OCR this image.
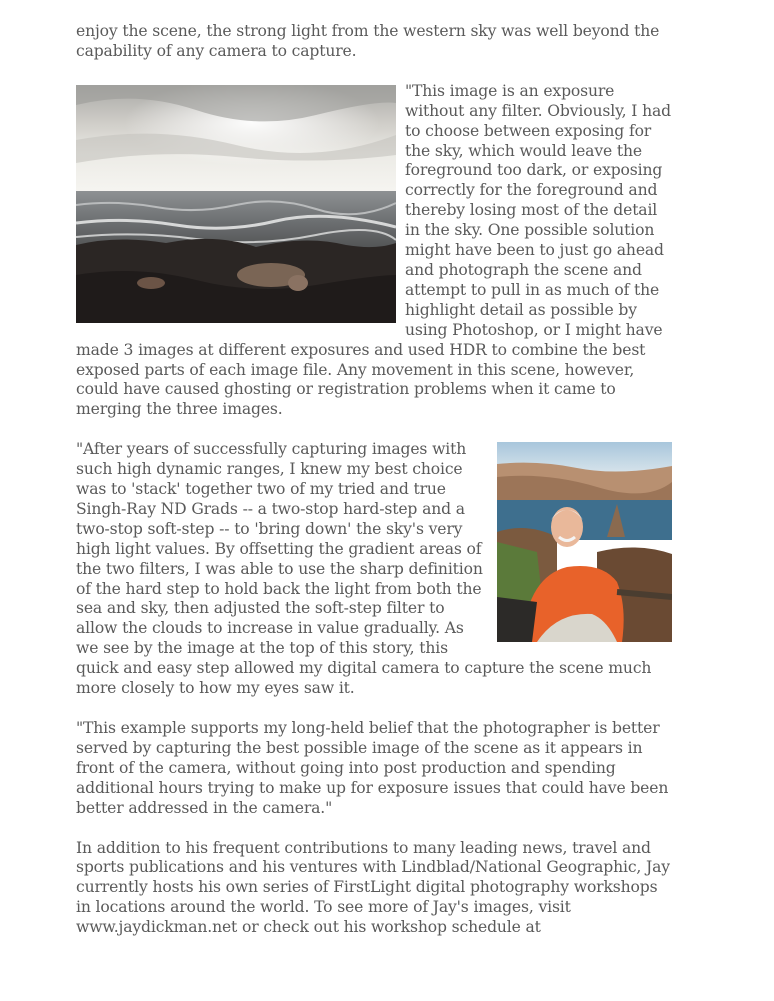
enjoy the scene, the strong light from the western sky was well beyond the capability of any camera to capture.

"This image is an exposure without any filter. Obviously, I had to choose between exposing for the sky, which would leave the foreground too dark, or exposing correctly for the foreground and thereby losing most of the detail in the sky. One possible solution might have been to just go ahead and photograph the scene and attempt to pull in as much of the highlight detail as possible by using Photoshop, or I might have made 3 images at different exposures and used HDR to combine the best exposed parts of each image file. Any movement in this scene, however, could have caused ghosting or registration problems when it came to merging the three images.

"After years of successfully capturing images with such high dynamic ranges, I knew my best choice was to 'stack' together two of my tried and true Singh-Ray ND Grads -- a two-stop hard-step and a two-stop soft-step -- to 'bring down' the sky's very high light values. By offsetting the gradient areas of the two filters, I was able to use the sharp definition of the hard step to hold back the light from both the sea and sky, then adjusted the soft-step filter to allow the clouds to increase in value gradually. As we see by the image at the top of this story, this quick and easy step allowed my digital camera to capture the scene much more closely to how my eyes saw it.

"This example supports my long-held belief that the photographer is better served by capturing the best possible image of the scene as it appears in front of the camera, without going into post production and spending additional hours trying to make up for exposure issues that could have been better addressed in the camera."

In addition to his frequent contributions to many leading news, travel and sports publications and his ventures with Lindblad/National Geographic, Jay currently hosts his own series of FirstLight digital photography workshops in locations around the world. To see more of Jay's images, visit www.jaydickman.net or check out his workshop schedule at
